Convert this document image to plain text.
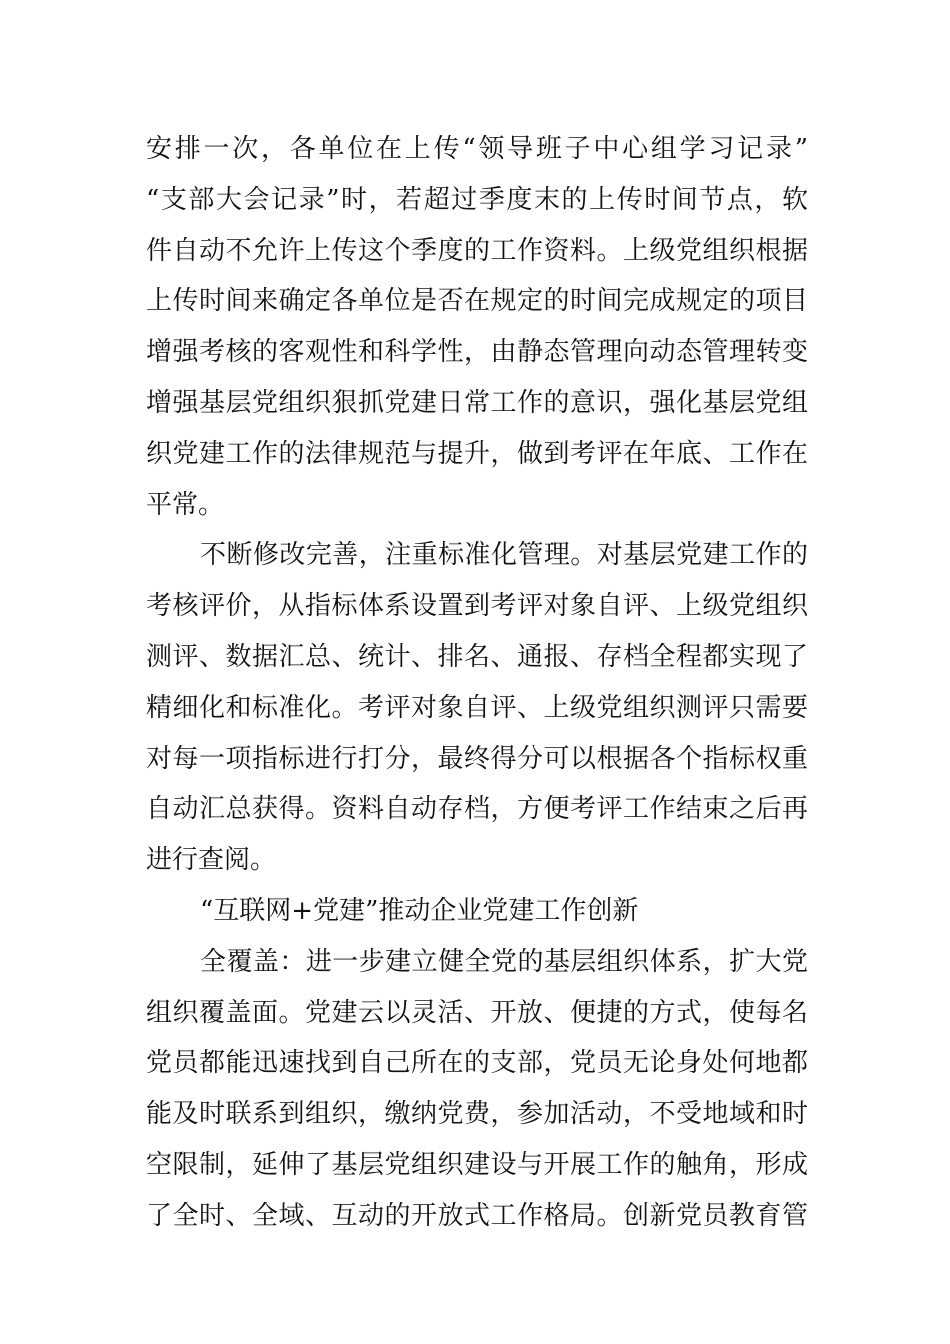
安排一次，各单位在上传“领导班子中心组学习记录”
“支部大会记录”时，若超过季度末的上传时间节点，软
件自动不允许上传这个季度的工作资料。上级党组织根据
上传时间来确定各单位是否在规定的时间完成规定的项目
增强考核的客观性和科学性，由静态管理向动态管理转变
增强基层党组织狠抓党建日常工作的意识，强化基层党组
织党建工作的法律规范与提升，做到考评在年底、工作在
平常。
不断修改完善，注重标准化管理。对基层党建工作的
考核评价，从指标体系设置到考评对象自评、上级党组织
测评、数据汇总、统计、排名、通报、存档全程都实现了
精细化和标准化。考评对象自评、上级党组织测评只需要
对每一项指标进行打分，最终得分可以根据各个指标权重
自动汇总获得。资料自动存档，方便考评工作结束之后再
进行查阅。
“互联网+党建”推动企业党建工作创新
全覆盖：进一步建立健全党的基层组织体系，扩大党
组织覆盖面。党建云以灵活、开放、便捷的方式，使每名
党员都能迅速找到自己所在的支部，党员无论身处何地都
能及时联系到组织，缴纳党费，参加活动，不受地域和时
空限制，延伸了基层党组织建设与开展工作的触角，形成
了全时、全域、互动的开放式工作格局。创新党员教育管
